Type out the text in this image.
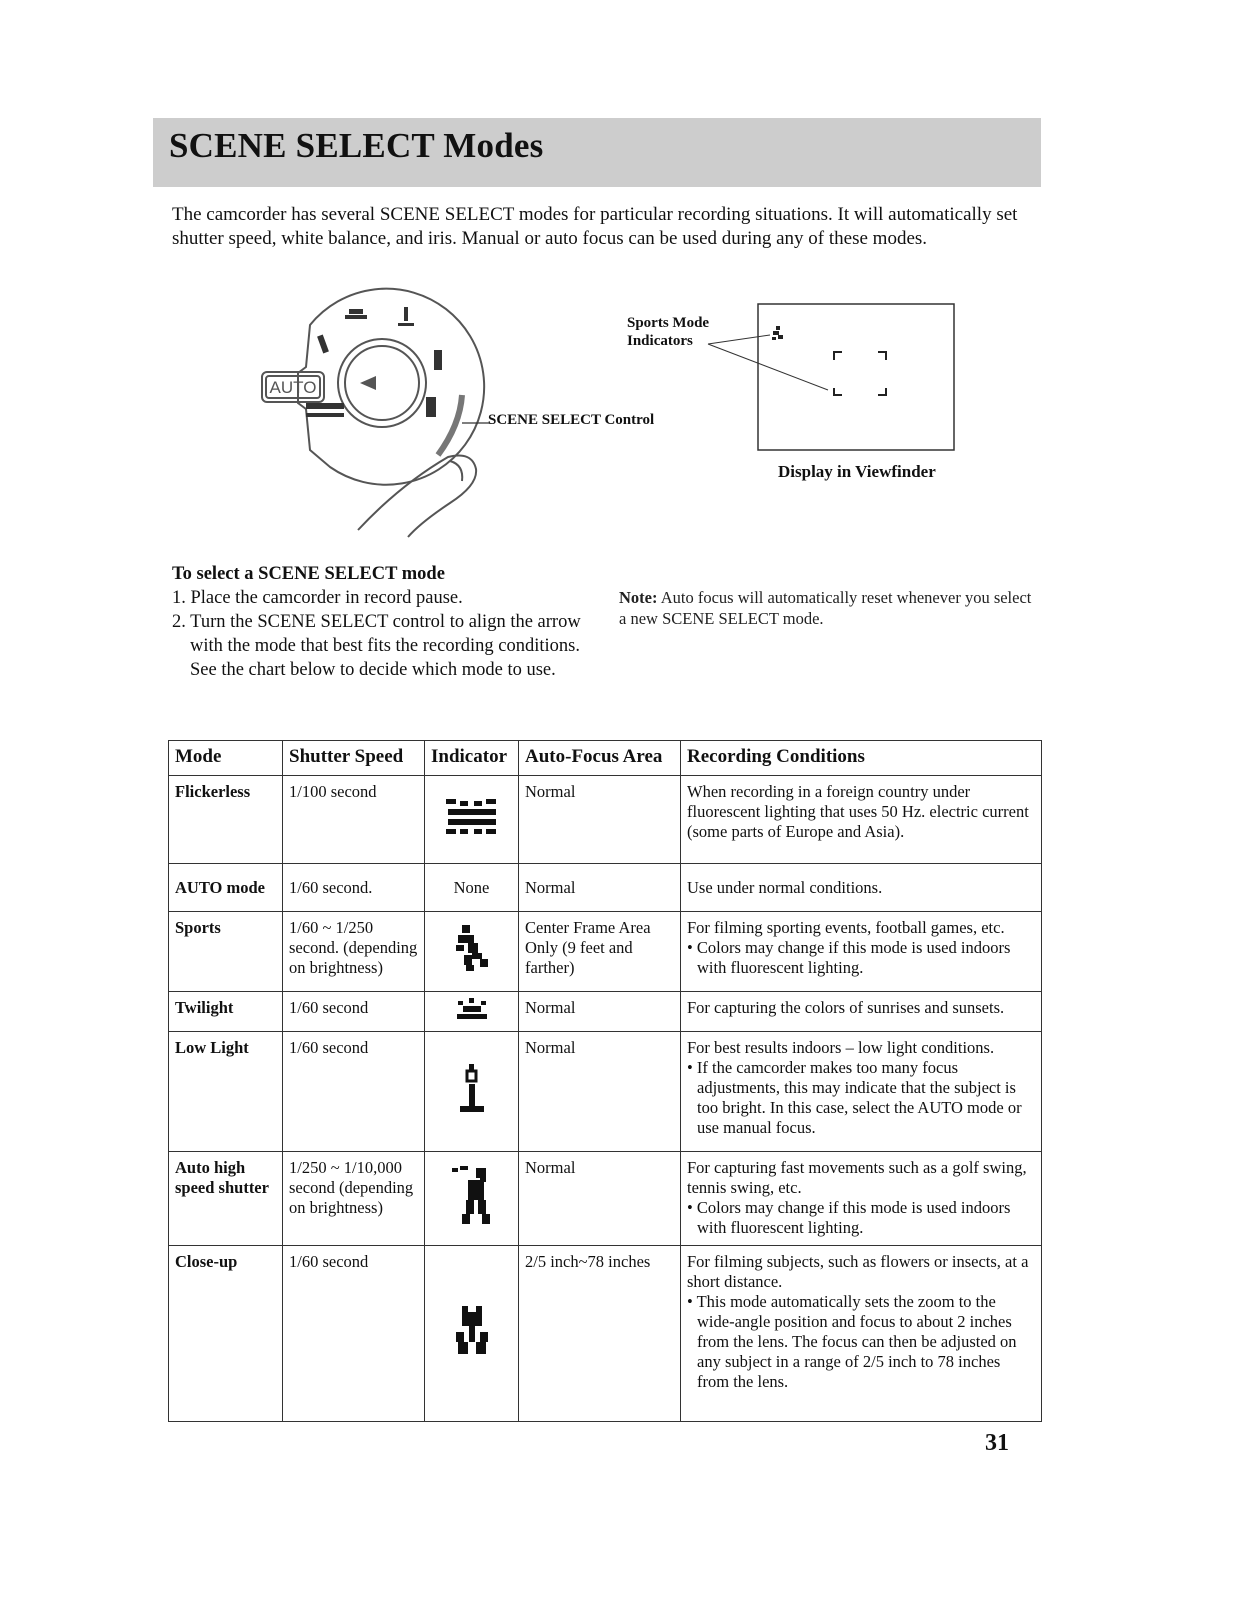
SCENE SELECT Modes

The camcorder has several SCENE SELECT modes for particular recording situations. It will automatically set shutter speed, white balance, and iris. Manual or auto focus can be used during any of these modes.

AUTO
SCENE SELECT Control
Sports Mode
Indicators
Display in Viewfinder
To select a SCENE SELECT mode
1. Place the camcorder in record pause.
2. Turn the SCENE SELECT control to align the arrow with the mode that best fits the recording conditions. See the chart below to decide which mode to use.
Note: Auto focus will automatically reset whenever you select a new SCENE SELECT mode.
Mode	Shutter Speed	Indicator	Auto-Focus Area	Recording Conditions
Flickerless	1/100 second		Normal	When recording in a foreign country under fluorescent lighting that uses 50 Hz. electric current (some parts of Europe and Asia).
AUTO mode	1/60 second.	None	Normal	Use under normal conditions.
Sports	1/60 ~ 1/250 second. (depending on brightness)		Center Frame Area Only (9 feet and farther)	For filming sporting events, football games, etc.
• Colors may change if this mode is used indoors with fluorescent lighting.

Twilight	1/60 second		Normal	For capturing the colors of sunrises and sunsets.
Low Light	1/60 second		Normal	For best results indoors – low light conditions.
• If the camcorder makes too many focus adjustments, this may indicate that the subject is too bright. In this case, select the AUTO mode or use manual focus.

Auto high speed shutter	1/250 ~ 1/10,000 second (depending on brightness)		Normal	For capturing fast movements such as a golf swing, tennis swing, etc.
• Colors may change if this mode is used indoors with fluorescent lighting.

Close-up	1/60 second		2/5 inch~78 inches	For filming subjects, such as flowers or insects, at a short distance.
• This mode automatically sets the zoom to the wide-angle position and focus to about 2 inches from the lens. The focus can then be adjusted on any subject in a range of 2/5 inch to 78 inches from the lens.
31
